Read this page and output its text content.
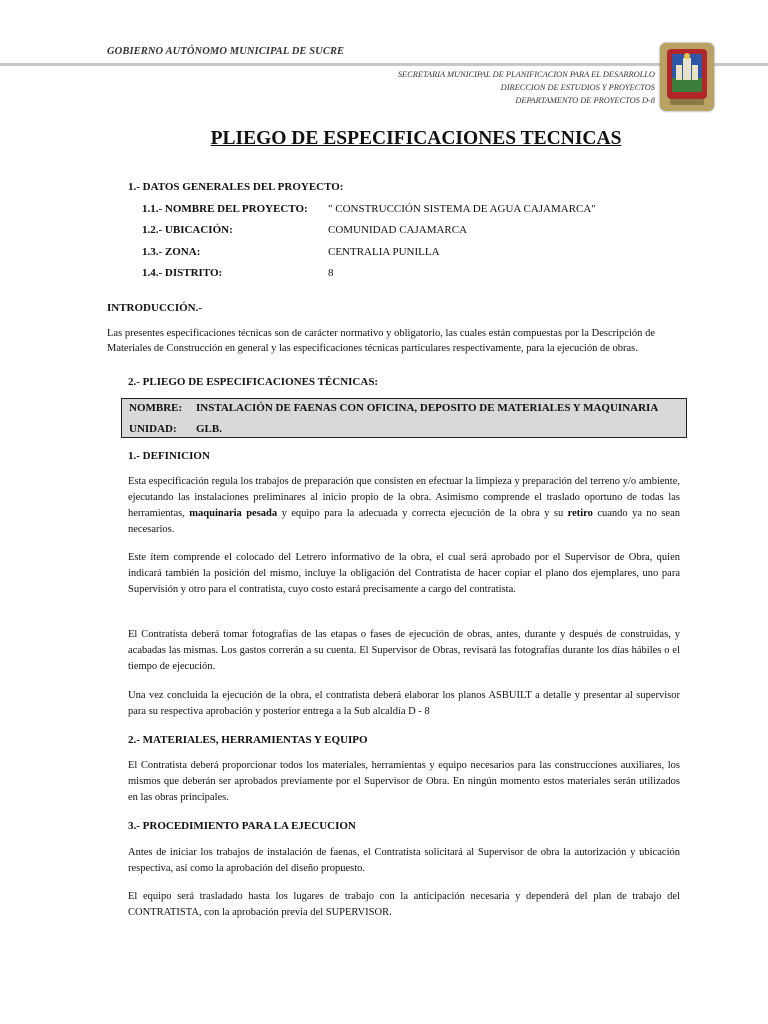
GOBIERNO AUTÓNOMO MUNICIPAL DE SUCRE
SECRETARIA MUNICIPAL DE PLANIFICACION PARA EL DESARROLLO
DIRECCION DE ESTUDIOS Y PROYECTOS
DEPARTAMENTO DE PROYECTOS D-8
PLIEGO DE ESPECIFICACIONES TECNICAS
1.- DATOS GENERALES DEL PROYECTO:
1.1.- NOMBRE DEL PROYECTO: " CONSTRUCCIÓN SISTEMA DE AGUA CAJAMARCA"
1.2.- UBICACIÓN:	COMUNIDAD CAJAMARCA
1.3.- ZONA:	CENTRALIA PUNILLA
1.4.- DISTRITO:	8
INTRODUCCIÓN.-
Las presentes especificaciones técnicas son de carácter normativo y obligatorio, las cuales están compuestas por la Descripción de Materiales de Construcción en general y las especificaciones técnicas particulares respectivamente, para la ejecución de obras.
2.- PLIEGO DE ESPECIFICACIONES TÉCNICAS:
NOMBRE: INSTALACIÓN DE FAENAS CON OFICINA, DEPOSITO DE MATERIALES Y MAQUINARIA
UNIDAD: GLB.
1.- DEFINICION
Esta especificación regula los trabajos de preparación que consisten en efectuar la limpieza y preparación del terreno y/o ambiente, ejecutando las instalaciones preliminares al inicio propio de la obra. Asimismo comprende el traslado oportuno de todas las herramientas, maquinaria pesada y equipo para la adecuada y correcta ejecución de la obra y su retiro cuando ya no sean necesarios.
Este ítem comprende el colocado del Letrero informativo de la obra, el cual será aprobado por el Supervisor de Obra, quien indicará también la posición del mismo, incluye la obligación del Contratista de hacer copiar el plano dos ejemplares, uno para Supervisión y otro para el contratista, cuyo costo estará precisamente a cargo del contratista.
El Contratista deberá tomar fotografías de las etapas o fases de ejecución de obras, antes, durante y después de construidas, y acabadas las mismas. Los gastos correrán a su cuenta. El Supervisor de Obras, revisará las fotografías durante los días hábiles o el tiempo de ejecución.
Una vez concluida la ejecución de la obra, el contratista deberá elaborar los planos ASBUILT a detalle y presentar al supervisor para su respectiva aprobación y posterior entrega a la Sub alcaldía D - 8
2.- MATERIALES, HERRAMIENTAS Y EQUIPO
El Contratista deberá proporcionar todos los materiales, herramientas y equipo necesarios para las construcciones auxiliares, los mismos que deberán ser aprobados previamente por el Supervisor de Obra. En ningún momento estos materiales serán utilizados en las obras principales.
3.- PROCEDIMIENTO PARA LA EJECUCION
Antes de iniciar los trabajos de instalación de faenas, el Contratista solicitará al Supervisor de obra la autorización y ubicación respectiva, así como la aprobación del diseño propuesto.
El equipo será trasladado hasta los lugares de trabajo con la anticipación necesaria y dependerá del plan de trabajo del CONTRATISTA, con la aprobación previa del SUPERVISOR.
